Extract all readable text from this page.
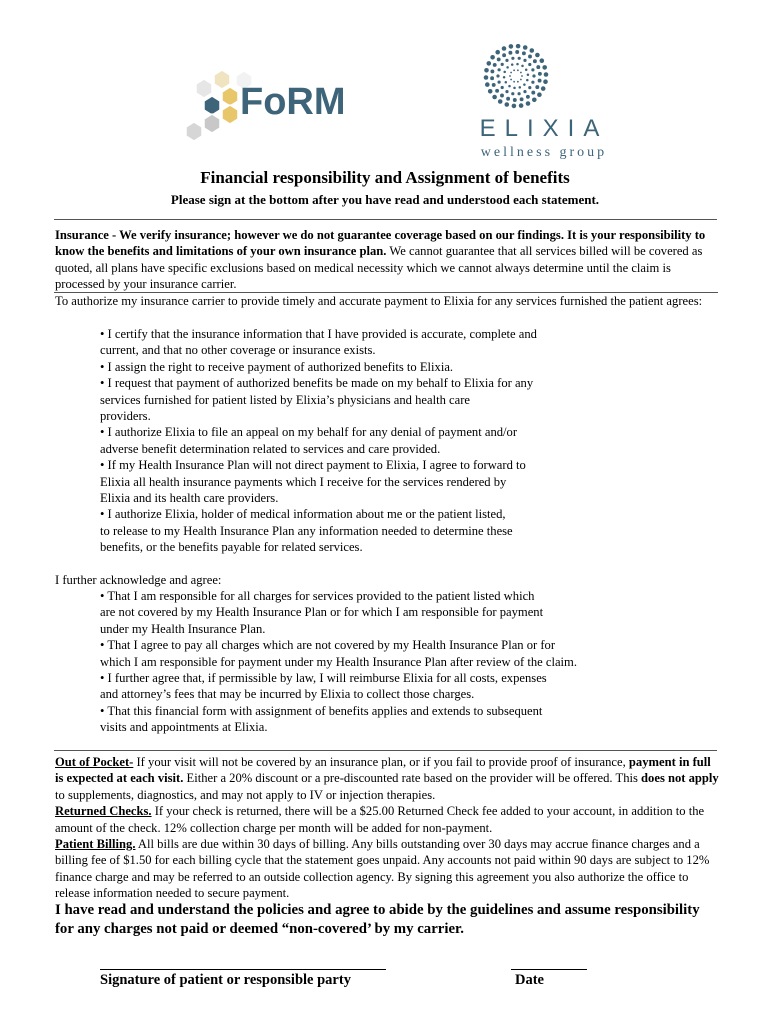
FoRM
ELIXIA
wellness group
Financial responsibility and Assignment of benefits
Please sign at the bottom after you have read and understood each statement.
Insurance - We verify insurance; however we do not guarantee coverage based on our findings. It is your responsibility to know the benefits and limitations of your own insurance plan. We cannot guarantee that all services billed will be covered as quoted, all plans have specific exclusions based on medical necessity which we cannot always determine until the claim is processed by your insurance carrier.
To authorize my insurance carrier to provide timely and accurate payment to Elixia for any services furnished the patient agrees:
• I certify that the insurance information that I have provided is accurate, complete and
current, and that no other coverage or insurance exists.
• I assign the right to receive payment of authorized benefits to Elixia.
• I request that payment of authorized benefits be made on my behalf to Elixia for any
services furnished for patient listed by Elixia’s physicians and health care
providers.
• I authorize Elixia to file an appeal on my behalf for any denial of payment and/or
adverse benefit determination related to services and care provided.
• If my Health Insurance Plan will not direct payment to Elixia, I agree to forward to
Elixia all health insurance payments which I receive for the services rendered by
Elixia and its health care providers.
• I authorize Elixia, holder of medical information about me or the patient listed,
to release to my Health Insurance Plan any information needed to determine these
benefits, or the benefits payable for related services.
I further acknowledge and agree:
• That I am responsible for all charges for services provided to the patient listed which
are not covered by my Health Insurance Plan or for which I am responsible for payment
under my Health Insurance Plan.
• That I agree to pay all charges which are not covered by my Health Insurance Plan or for
which I am responsible for payment under my Health Insurance Plan after review of the claim.
• I further agree that, if permissible by law, I will reimburse Elixia for all costs, expenses
and attorney’s fees that may be incurred by Elixia to collect those charges.
• That this financial form with assignment of benefits applies and extends to subsequent
visits and appointments at Elixia.
Out of Pocket- If your visit will not be covered by an insurance plan, or if you fail to provide proof of insurance, payment in full is expected at each visit. Either a 20% discount or a pre-discounted rate based on the provider will be offered. This does not apply to supplements, diagnostics, and may not apply to IV or injection therapies.
Returned Checks. If your check is returned, there will be a $25.00 Returned Check fee added to your account, in addition to the amount of the check. 12% collection charge per month will be added for non-payment.
Patient Billing. All bills are due within 30 days of billing. Any bills outstanding over 30 days may accrue finance charges and a billing fee of $1.50 for each billing cycle that the statement goes unpaid. Any accounts not paid within 90 days are subject to 12% finance charge and may be referred to an outside collection agency. By signing this agreement you also authorize the office to release information needed to secure payment.
I have read and understand the policies and agree to abide by the guidelines and assume responsibility for any charges not paid or deemed “non-covered’ by my carrier.
Signature of patient or responsible party	Date
